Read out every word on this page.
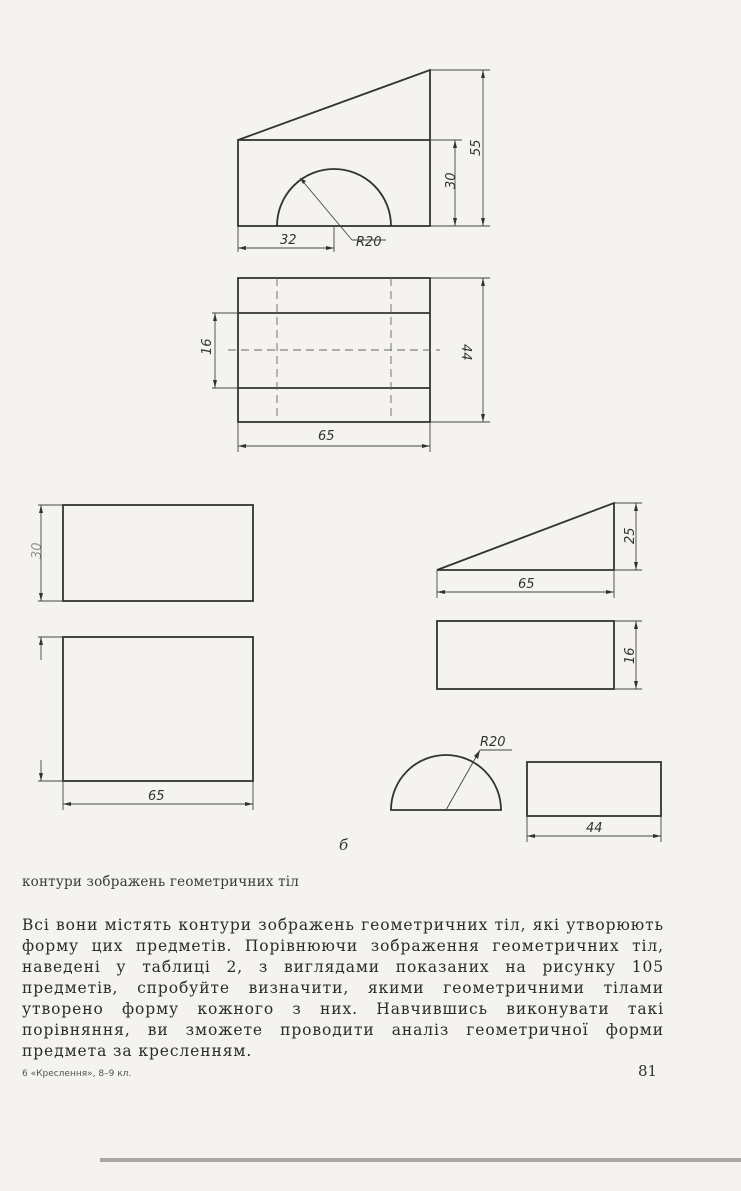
32	R20
30
55
16	44
65
30
65
25
65
16
R20
44
б
контури зображень геометричних тіл
Всі вони містять контури зображень геометричних тіл, які утворюють форму цих предметів. Порівнюючи зображення геометричних тіл, наведені у таблиці 2, з виглядами показаних на рисунку 105 предметів, спробуйте визначити, якими геометричними тілами утворено форму кожного з них. Навчившись виконувати такі порівняння, ви зможете проводити аналіз геометричної форми предмета за кресленням.
6 «Креслення», 8–9 кл.	81
